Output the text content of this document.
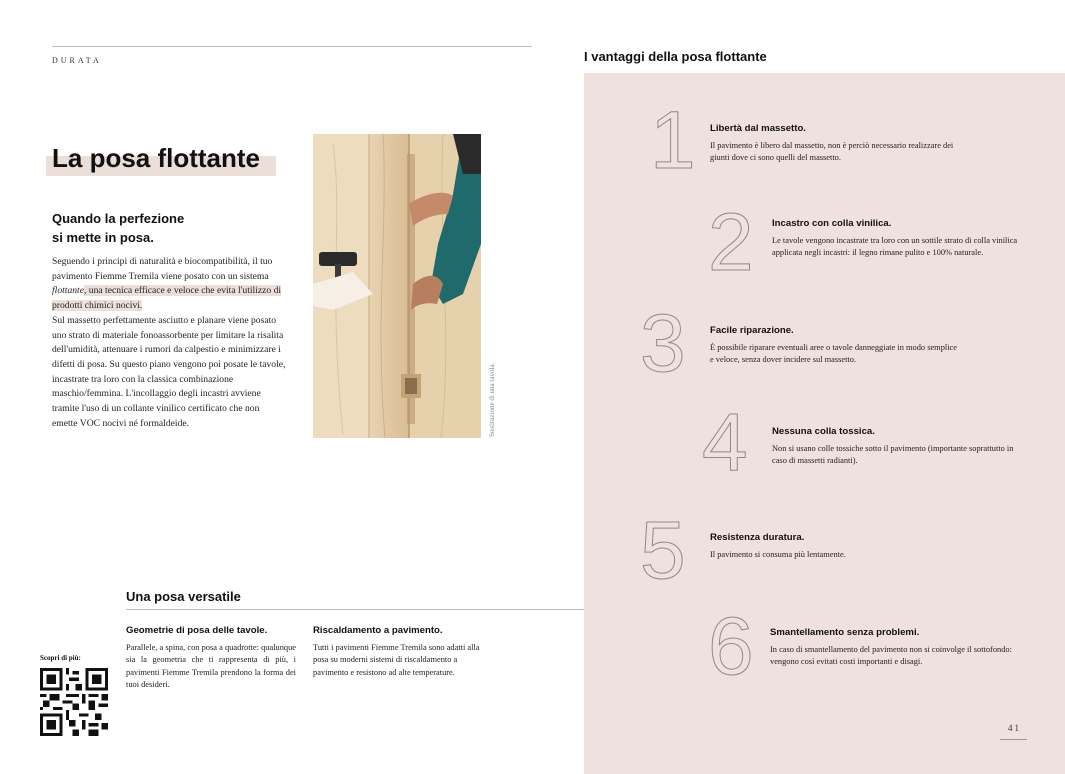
DURATA
La posa flottante
Quando la perfezione
si mette in posa.
Seguendo i principi di naturalità e biocompatibilità, il tuo pavimento Fiemme Tremila viene posato con un sistema flottante, una tecnica efficace e veloce che evita l'utilizzo di prodotti chimici nocivi.
Sul massetto perfettamente asciutto e planare viene posato uno strato di materiale fonoassorbente per limitare la risalita dell'umidità, attenuare i rumori da calpestio e minimizzare i difetti di posa. Su questo piano vengono poi posate le tavole, incastrate tra loro con la classica combinazione maschio/femmina. L'incollaggio degli incastri avviene tramite l'uso di un collante vinilico certificato che non emette VOC nocivi né formaldeide.	Sostituzione di una tavola.
Una posa versatile
Geometrie di posa delle tavole.

Parallele, a spina, con posa a quadrotte: qualunque sia la geometria che ti rappresenta di più, i pavimenti Fiemme Tremila prendono la forma dei tuoi desideri.

Riscaldamento a pavimento.

Tutti i pavimenti Fiemme Tremila sono adatti alla posa su moderni sistemi di riscaldamento a pavimento e resistono ad alte temperature.

Scopri di più:
I vantaggi della posa flottante
1 Libertà dal massetto.

Il pavimento è libero dal massetto, non è perciò necessario realizzare dei giunti dove ci sono quelli del massetto.

2 Incastro con colla vinilica.

Le tavole vengono incastrate tra loro con un sottile strato di colla vinilica applicata negli incastri: il legno rimane pulito e 100% naturale.

3	Facile riparazione.

È possibile riparare eventuali aree o tavole danneggiate in modo semplice e veloce, senza dover incidere sul massetto.

4	Nessuna colla tossica.

Non si usano colle tossiche sotto il pavimento (importante soprattutto in caso di massetti radianti).

5	Resistenza duratura.

Il pavimento si consuma più lentamente.

6 Smantellamento senza problemi.

In caso di smantellamento del pavimento non si coinvolge il sottofondo: vengono così evitati costi importanti e disagi.

41
